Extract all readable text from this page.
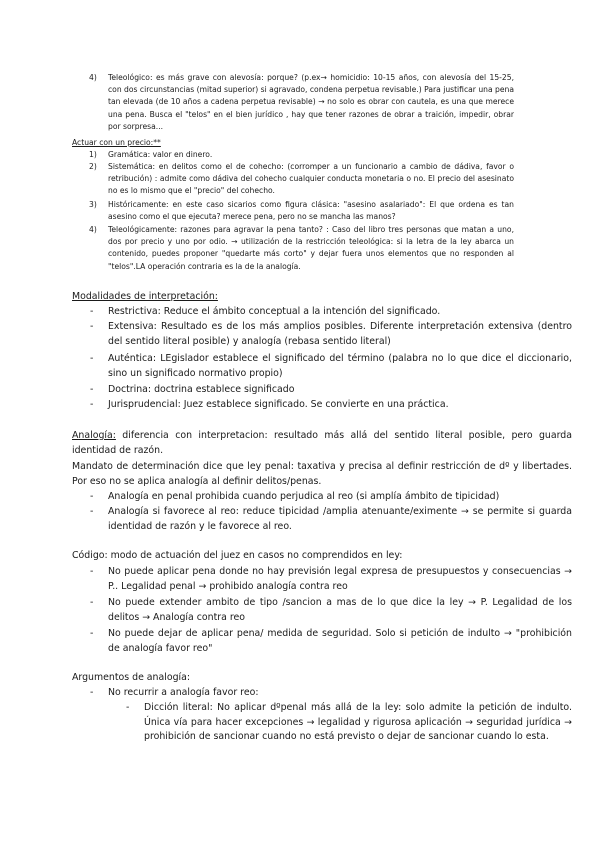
4)	Teleológico: es más grave con alevosía: porque? (p.ex→ homicidio: 10-15 años, con alevosía del 15-25, con dos circunstancias (mitad superior) si agravado, condena perpetua revisable.) Para justificar una pena tan elevada (de 10 años a cadena perpetua revisable) → no solo es obrar con cautela, es una que merece una pena. Busca el "telos" en el bien jurídico , hay que tener razones de obrar a traición, impedir, obrar por sorpresa...
Actuar con un precio:**
1)	Gramática: valor en dinero.
2)	Sistemática: en delitos como el de cohecho: (corromper a un funcionario a cambio de dádiva, favor o retribución) : admite como dádiva del cohecho cualquier conducta monetaria o no. El precio del asesinato no es lo mismo que el "precio" del cohecho.
3)	Históricamente: en este caso sicarios como figura clásica: "asesino asalariado": El que ordena es tan asesino como el que ejecuta? merece pena, pero no se mancha las manos?
4)	Teleológicamente: razones para agravar la pena tanto? : Caso del libro tres personas que matan a uno, dos por precio y uno por odio. → utilización de la restricción teleológica: si la letra de la ley abarca un contenido, puedes proponer "quedarte más corto" y dejar fuera unos elementos que no responden al "telos".LA operación contraria es la de la analogía.
Modalidades de interpretación:
-	Restrictiva: Reduce el ámbito conceptual a la intención del significado.
-	Extensiva: Resultado es de los más amplios posibles. Diferente interpretación extensiva (dentro del sentido literal posible) y analogía (rebasa sentido literal)
-	Auténtica: LEgislador establece el significado del término (palabra no lo que dice el diccionario, sino un significado normativo propio)
-	Doctrina: doctrina establece significado
-	Jurisprudencial: Juez establece significado. Se convierte en una práctica.
Analogía: diferencia con interpretacion: resultado más allá del sentido literal posible, pero guarda identidad de razón.
Mandato de determinación dice que ley penal: taxativa y precisa al definir restricción de dº y libertades. Por eso no se aplica analogía al definir delitos/penas.
-	Analogía en penal prohibida cuando perjudica al reo (si amplía ámbito de tipicidad)
-	Analogía si favorece al reo: reduce tipicidad /amplia atenuante/eximente → se permite si guarda identidad de razón y le favorece al reo.
Código: modo de actuación del juez en casos no comprendidos en ley:
-	No puede aplicar pena donde no hay previsión legal expresa de presupuestos y consecuencias → P.. Legalidad penal → prohibido analogía contra reo
-	No puede extender ambito de tipo /sancion a mas de lo que dice la ley → P. Legalidad de los delitos → Analogía contra reo
-	No puede dejar de aplicar pena/ medida de seguridad. Solo si petición de indulto → "prohibición de analogía favor reo"
Argumentos de analogía:
-	No recurrir a analogía favor reo:
-	Dicción literal: No aplicar dºpenal más allá de la ley: solo admite la petición de indulto. Única vía para hacer excepciones → legalidad y rigurosa aplicación → seguridad jurídica → prohibición de sancionar cuando no está previsto o dejar de sancionar cuando lo esta.
